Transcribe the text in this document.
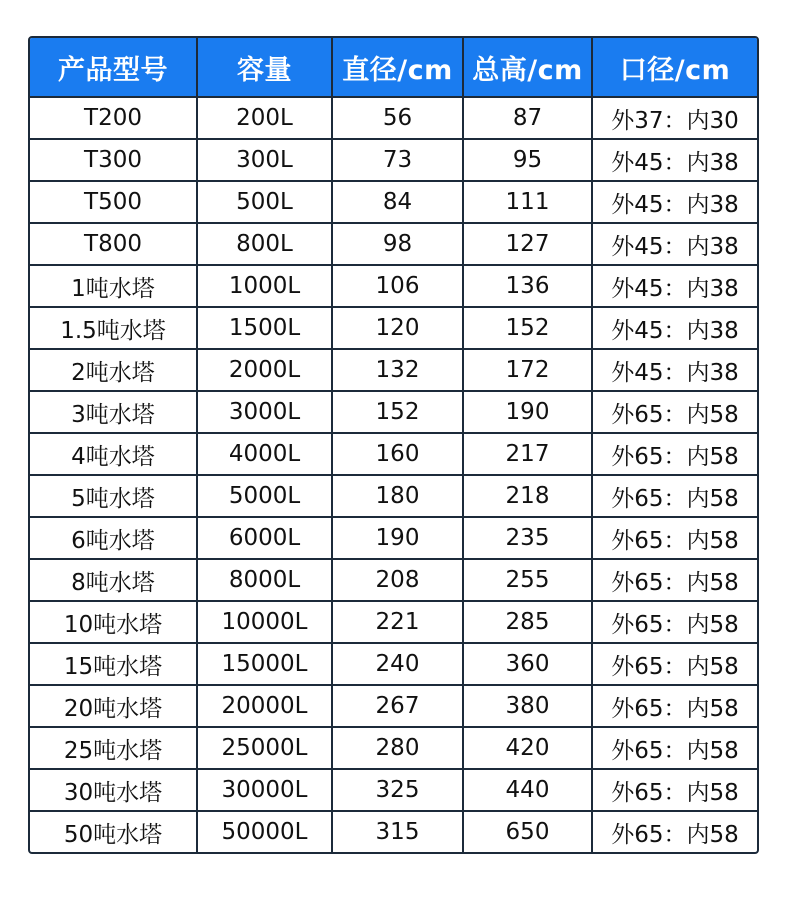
产品型号	容量	直径/cm	总高/cm	口径/cm
T200	200L	56	87	外37：内30
T300	300L	73	95	外45：内38
T500	500L	84	111	外45：内38
T800	800L	98	127	外45：内38
1吨水塔	1000L	106	136	外45：内38
1.5吨水塔	1500L	120	152	外45：内38
2吨水塔	2000L	132	172	外45：内38
3吨水塔	3000L	152	190	外65：内58
4吨水塔	4000L	160	217	外65：内58
5吨水塔	5000L	180	218	外65：内58
6吨水塔	6000L	190	235	外65：内58
8吨水塔	8000L	208	255	外65：内58
10吨水塔	10000L	221	285	外65：内58
15吨水塔	15000L	240	360	外65：内58
20吨水塔	20000L	267	380	外65：内58
25吨水塔	25000L	280	420	外65：内58
30吨水塔	30000L	325	440	外65：内58
50吨水塔	50000L	315	650	外65：内58
